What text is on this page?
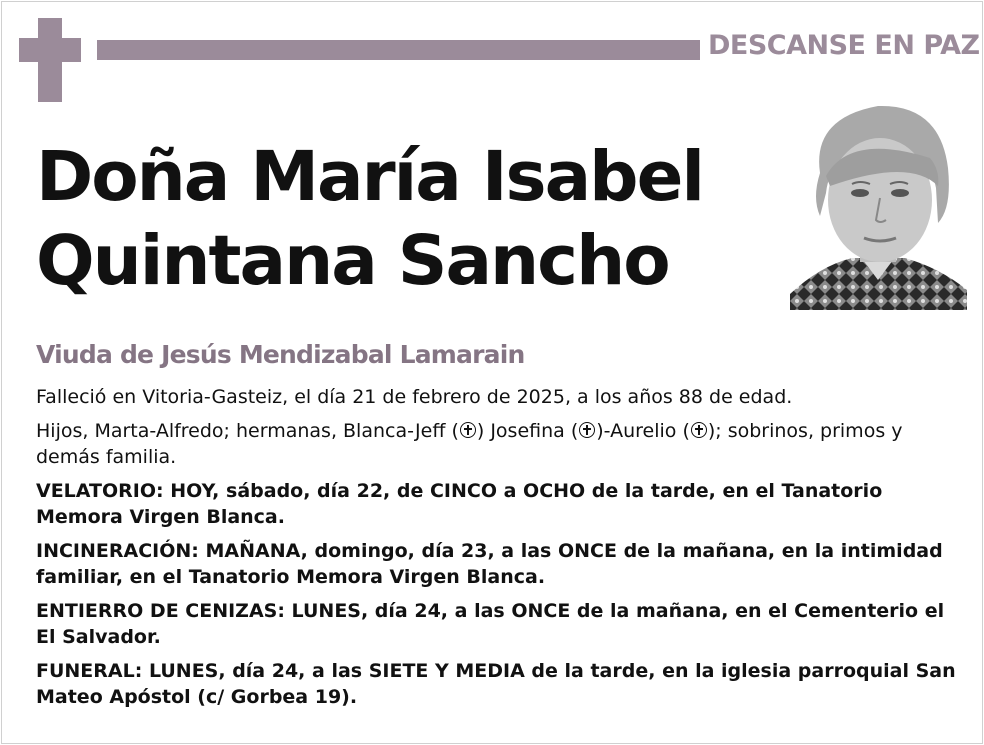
DESCANSE EN PAZ
Doña María Isabel
Quintana Sancho
Viuda de Jesús Mendizabal Lamarain

Falleció en Vitoria-Gasteiz, el día 21 de febrero de 2025, a los años 88 de edad.

Hijos, Marta-Alfredo; hermanas, Blanca-Jeff ( ) Josefina ( )-Aurelio ( ); sobrinos, primos y demás familia.

VELATORIO: HOY, sábado, día 22, de CINCO a OCHO de la tarde, en el Tanatorio Memora Virgen Blanca.

INCINERACIÓN: MAÑANA, domingo, día 23, a las ONCE de la mañana, en la intimidad familiar, en el Tanatorio Memora Virgen Blanca.

ENTIERRO DE CENIZAS: LUNES, día 24, a las ONCE de la mañana, en el Cementerio el El Salvador.

FUNERAL: LUNES, día 24, a las SIETE Y MEDIA de la tarde, en la iglesia parroquial San Mateo Apóstol (c/ Gorbea 19).
